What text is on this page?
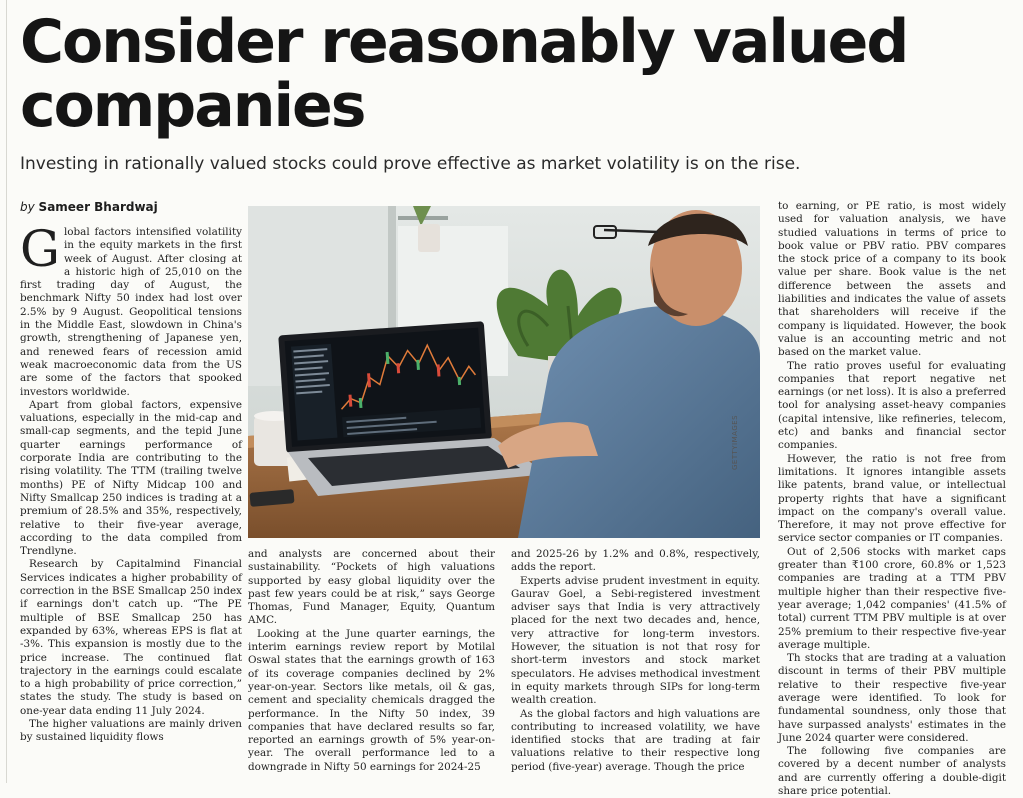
Consider reasonably valued companies

Investing in rationally valued stocks could prove effective as market volatility is on the rise.

by Sameer Bhardwaj

Global factors intensified volatility in the equity markets in the first week of August. After closing at a historic high of 25,010 on the first trading day of August, the benchmark Nifty 50 index had lost over 2.5% by 9 August. Geopolitical tensions in the Middle East, slowdown in China's growth, strengthening of Japanese yen, and renewed fears of recession amid weak macroeconomic data from the US are some of the factors that spooked investors worldwide.

Apart from global factors, expensive valuations, especially in the mid-cap and small-cap segments, and the tepid June quarter earnings performance of corporate India are contributing to the rising volatility. The TTM (trailing twelve months) PE of Nifty Midcap 100 and Nifty Smallcap 250 indices is trading at a premium of 28.5% and 35%, respectively, relative to their five-year average, according to the data compiled from Trendlyne.

Research by Capitalmind Financial Services indicates a higher probability of correction in the BSE Smallcap 250 index if earnings don't catch up. “The PE multiple of BSE Smallcap 250 has expanded by 63%, whereas EPS is flat at -3%. This expansion is mostly due to the price increase. The continued flat trajectory in the earnings could escalate to a high probability of price correction,” states the study. The study is based on one-year data ending 11 July 2024.

The higher valuations are mainly driven by sustained liquidity flows

GETTYIMAGES

and analysts are concerned about their sustainability. “Pockets of high valuations supported by easy global liquidity over the past few years could be at risk,” says George Thomas, Fund Manager, Equity, Quantum AMC.

Looking at the June quarter earnings, the interim earnings review report by Motilal Oswal states that the earnings growth of 163 of its coverage companies declined by 2% year-on-year. Sectors like metals, oil & gas, cement and speciality chemicals dragged the performance. In the Nifty 50 index, 39 companies that have declared results so far, reported an earnings growth of 5% year-on-year. The overall performance led to a downgrade in Nifty 50 earnings for 2024-25

and 2025-26 by 1.2% and 0.8%, respectively, adds the report.

Experts advise prudent investment in equity. Gaurav Goel, a Sebi-registered investment adviser says that India is very attractively placed for the next two decades and, hence, very attractive for long-term investors. However, the situation is not that rosy for short-term investors and stock market speculators. He advises methodical investment in equity markets through SIPs for long-term wealth creation.

As the global factors and high valuations are contributing to increased volatility, we have identified stocks that are trading at fair valuations relative to their respective long period (five-year) average. Though the price

to earning, or PE ratio, is most widely used for valuation analysis, we have studied valuations in terms of price to book value or PBV ratio. PBV compares the stock price of a company to its book value per share. Book value is the net difference between the assets and liabilities and indicates the value of assets that shareholders will receive if the company is liquidated. However, the book value is an accounting metric and not based on the market value.

The ratio proves useful for evaluating companies that report negative net earnings (or net loss). It is also a preferred tool for analysing asset-heavy companies (capital intensive, like refineries, telecom, etc) and banks and financial sector companies.

However, the ratio is not free from limitations. It ignores intangible assets like patents, brand value, or intellectual property rights that have a significant impact on the company's overall value. Therefore, it may not prove effective for service sector companies or IT companies.

Out of 2,506 stocks with market caps greater than ₹100 crore, 60.8% or 1,523 companies are trading at a TTM PBV multiple higher than their respective five-year average; 1,042 companies' (41.5% of total) current TTM PBV multiple is at over 25% premium to their respective five-year average multiple.

Th stocks that are trading at a valuation discount in terms of their PBV multiple relative to their respective five-year average were identified. To look for fundamental soundness, only those that have surpassed analysts' estimates in the June 2024 quarter were considered.

The following five companies are covered by a decent number of analysts and are currently offering a double-digit share price potential.
